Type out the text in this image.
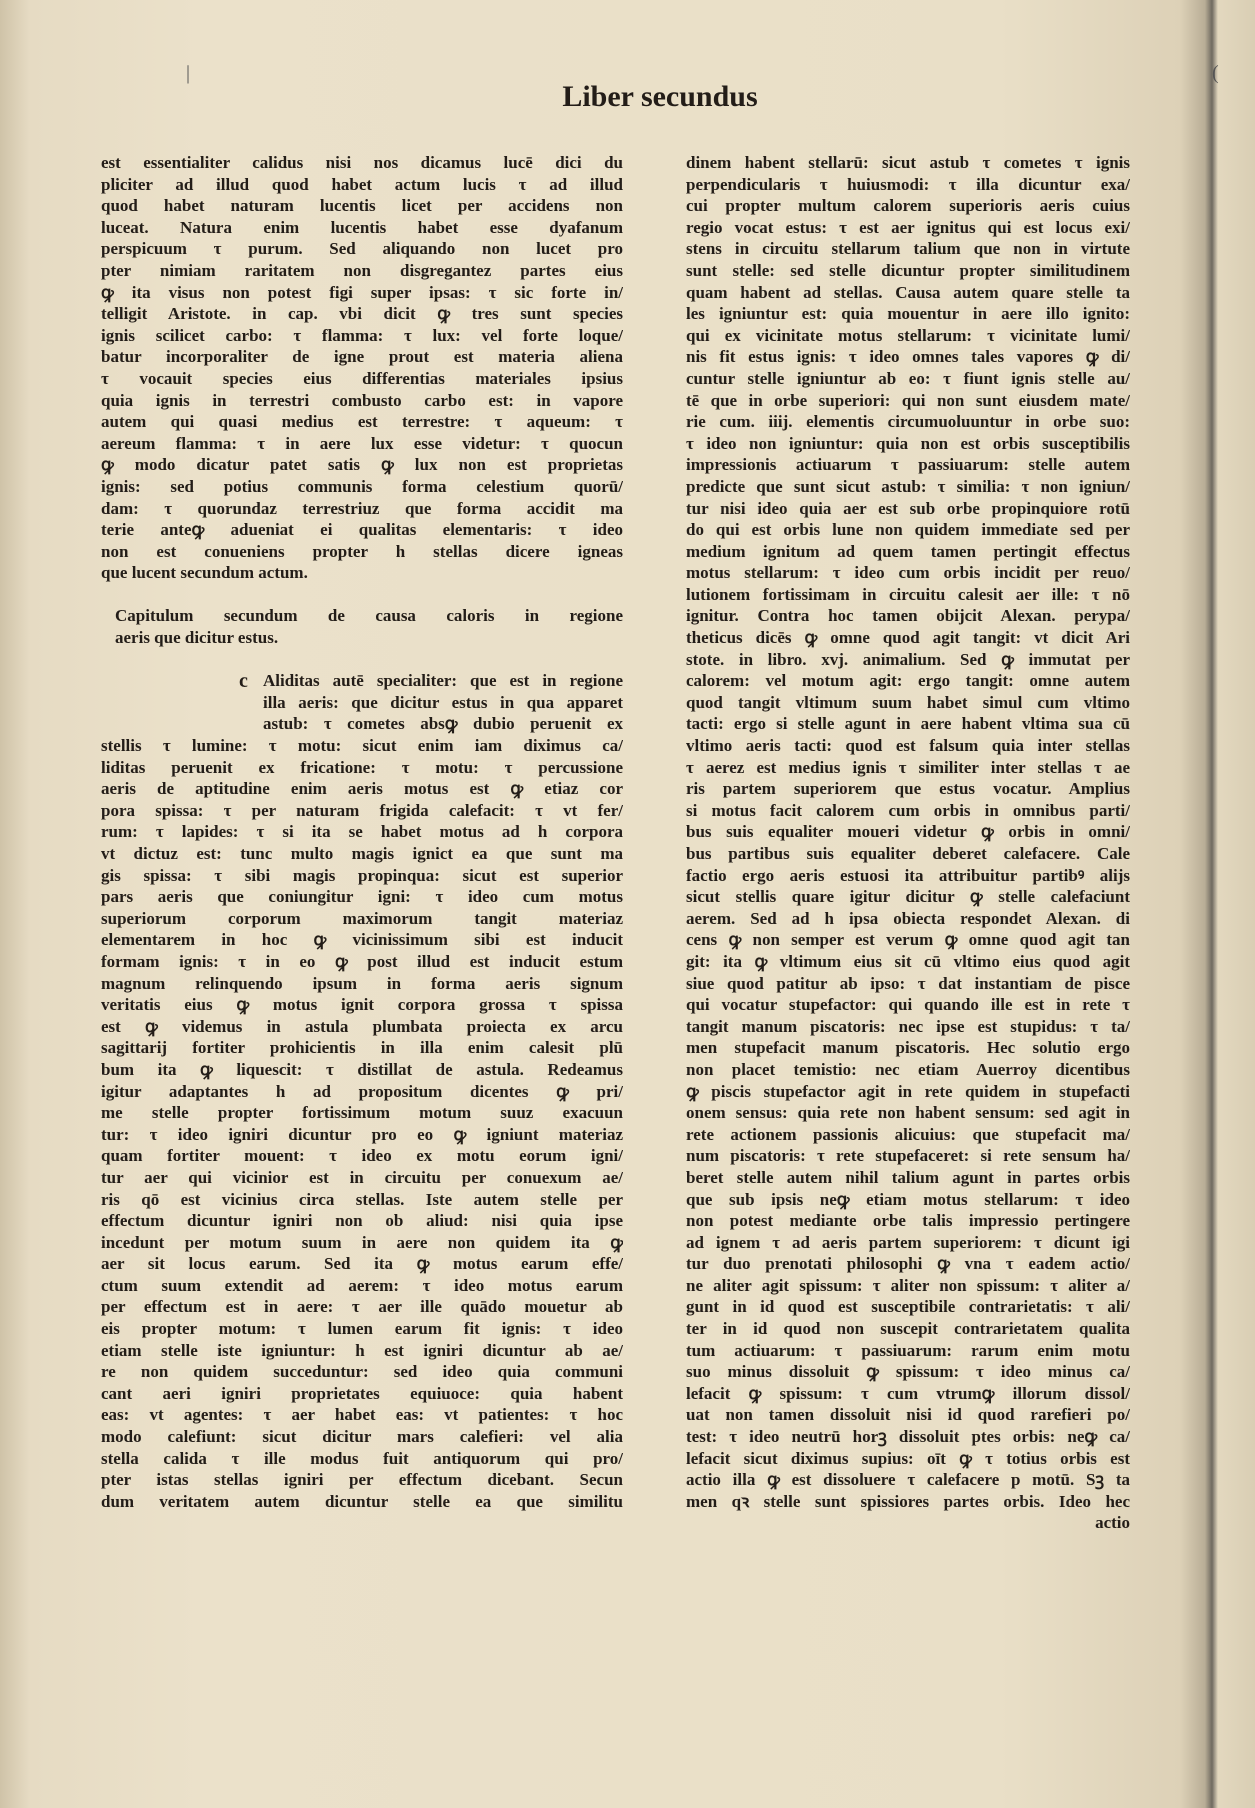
|	(
Liber secundus
est essentialiter calidus nisi nos dicamus lucē dici du
pliciter ad illud quod habet actum lucis τ ad illud
quod habet naturam lucentis licet per accidens non
luceat. Natura enim lucentis habet esse dyafanum
perspicuum τ purum. Sed aliquando non lucet pro
pter nimiam raritatem non disgregantez partes eius
ꝙ ita visus non potest figi super ipsas: τ sic forte in/
telligit Aristote. in cap. vbi dicit ꝙ tres sunt species
ignis scilicet carbo: τ flamma: τ lux: vel forte loque/
batur incorporaliter de igne prout est materia aliena
τ vocauit species eius differentias materiales ipsius
quia ignis in terrestri combusto carbo est: in vapore
autem qui quasi medius est terrestre: τ aqueum: τ
aereum flamma: τ in aere lux esse videtur: τ quocun
ꝙ modo dicatur patet satis ꝙ lux non est proprietas
ignis: sed potius communis forma celestium quorū/
dam: τ quorundaz terrestriuz que forma accidit ma
terie anteꝙ adueniat ei qualitas elementaris: τ ideo
non est conueniens propter h stellas dicere igneas
que lucent secundum actum.
Capitulum secundum de causa caloris in regione
aeris que dicitur estus.
c Aliditas autē specialiter: que est in regione
illa aeris: que dicitur estus in qua apparet
astub: τ cometes absꝙ dubio peruenit ex
stellis τ lumine: τ motu: sicut enim iam diximus ca/
liditas peruenit ex fricatione: τ motu: τ percussione
aeris de aptitudine enim aeris motus est ꝙ etiaz cor
pora spissa: τ per naturam frigida calefacit: τ vt fer/
rum: τ lapides: τ si ita se habet motus ad h corpora
vt dictuz est: tunc multo magis ignict ea que sunt ma
gis spissa: τ sibi magis propinqua: sicut est superior
pars aeris que coniungitur igni: τ ideo cum motus
superiorum corporum maximorum tangit materiaz
elementarem in hoc ꝙ vicinissimum sibi est inducit
formam ignis: τ in eo ꝙ post illud est inducit estum
magnum relinquendo ipsum in forma aeris signum
veritatis eius ꝙ motus ignit corpora grossa τ spissa
est ꝙ videmus in astula plumbata proiecta ex arcu
sagittarij fortiter prohicientis in illa enim calesit plū
bum ita ꝙ liquescit: τ distillat de astula. Redeamus
igitur adaptantes h ad propositum dicentes ꝙ pri/
me stelle propter fortissimum motum suuz exacuun
tur: τ ideo igniri dicuntur pro eo ꝙ igniunt materiaz
quam fortiter mouent: τ ideo ex motu eorum igni/
tur aer qui vicinior est in circuitu per conuexum ae/
ris qō est vicinius circa stellas. Iste autem stelle per
effectum dicuntur igniri non ob aliud: nisi quia ipse
incedunt per motum suum in aere non quidem ita ꝙ
aer sit locus earum. Sed ita ꝙ motus earum effe/
ctum suum extendit ad aerem: τ ideo motus earum
per effectum est in aere: τ aer ille quādo mouetur ab
eis propter motum: τ lumen earum fit ignis: τ ideo
etiam stelle iste igniuntur: h est igniri dicuntur ab ae/
re non quidem succeduntur: sed ideo quia communi
cant aeri igniri proprietates equiuoce: quia habent
eas: vt agentes: τ aer habet eas: vt patientes: τ hoc
modo calefiunt: sicut dicitur mars calefieri: vel alia
stella calida τ ille modus fuit antiquorum qui pro/
pter istas stellas igniri per effectum dicebant. Secun
dum veritatem autem dicuntur stelle ea que similitu
dinem habent stellarū: sicut astub τ cometes τ ignis
perpendicularis τ huiusmodi: τ illa dicuntur exa/
cui propter multum calorem superioris aeris cuius
regio vocat estus: τ est aer ignitus qui est locus exi/
stens in circuitu stellarum talium que non in virtute
sunt stelle: sed stelle dicuntur propter similitudinem
quam habent ad stellas. Causa autem quare stelle ta
les igniuntur est: quia mouentur in aere illo ignito:
qui ex vicinitate motus stellarum: τ vicinitate lumi/
nis fit estus ignis: τ ideo omnes tales vapores ꝙ di/
cuntur stelle igniuntur ab eo: τ fiunt ignis stelle au/
tē que in orbe superiori: qui non sunt eiusdem mate/
rie cum. iiij. elementis circumuoluuntur in orbe suo:
τ ideo non igniuntur: quia non est orbis susceptibilis
impressionis actiuarum τ passiuarum: stelle autem
predicte que sunt sicut astub: τ similia: τ non igniun/
tur nisi ideo quia aer est sub orbe propinquiore rotū
do qui est orbis lune non quidem immediate sed per
medium ignitum ad quem tamen pertingit effectus
motus stellarum: τ ideo cum orbis incidit per reuo/
lutionem fortissimam in circuitu calesit aer ille: τ nō
ignitur. Contra hoc tamen obijcit Alexan. perypa/
theticus dicēs ꝙ omne quod agit tangit: vt dicit Ari
stote. in libro. xvj. animalium. Sed ꝙ immutat per
calorem: vel motum agit: ergo tangit: omne autem
quod tangit vltimum suum habet simul cum vltimo
tacti: ergo si stelle agunt in aere habent vltima sua cū
vltimo aeris tacti: quod est falsum quia inter stellas
τ aerez est medius ignis τ similiter inter stellas τ ae
ris partem superiorem que estus vocatur. Amplius
si motus facit calorem cum orbis in omnibus parti/
bus suis equaliter moueri videtur ꝙ orbis in omni/
bus partibus suis equaliter deberet calefacere. Cale
factio ergo aeris estuosi ita attribuitur partibꝰ alijs
sicut stellis quare igitur dicitur ꝙ stelle calefaciunt
aerem. Sed ad h ipsa obiecta respondet Alexan. di
cens ꝙ non semper est verum ꝙ omne quod agit tan
git: ita ꝙ vltimum eius sit cū vltimo eius quod agit
siue quod patitur ab ipso: τ dat instantiam de pisce
qui vocatur stupefactor: qui quando ille est in rete τ
tangit manum piscatoris: nec ipse est stupidus: τ ta/
men stupefacit manum piscatoris. Hec solutio ergo
non placet temistio: nec etiam Auerroy dicentibus
ꝙ piscis stupefactor agit in rete quidem in stupefacti
onem sensus: quia rete non habent sensum: sed agit in
rete actionem passionis alicuius: que stupefacit ma/
num piscatoris: τ rete stupefaceret: si rete sensum ha/
beret stelle autem nihil talium agunt in partes orbis
que sub ipsis neꝙ etiam motus stellarum: τ ideo
non potest mediante orbe talis impressio pertingere
ad ignem τ ad aeris partem superiorem: τ dicunt igi
tur duo prenotati philosophi ꝙ vna τ eadem actio/
ne aliter agit spissum: τ aliter non spissum: τ aliter a/
gunt in id quod est susceptibile contrarietatis: τ ali/
ter in id quod non suscepit contrarietatem qualita
tum actiuarum: τ passiuarum: rarum enim motu
suo minus dissoluit ꝙ spissum: τ ideo minus ca/
lefacit ꝙ spissum: τ cum vtrumꝙ illorum dissol/
uat non tamen dissoluit nisi id quod rarefieri po/
test: τ ideo neutrū horꝫ dissoluit ptes orbis: neꝙ ca/
lefacit sicut diximus supius: oīt ꝙ τ totius orbis est
actio illa ꝙ est dissoluere τ calefacere p motū. Sꝫ ta
men qꝛ stelle sunt spissiores partes orbis. Ideo hec
actio
